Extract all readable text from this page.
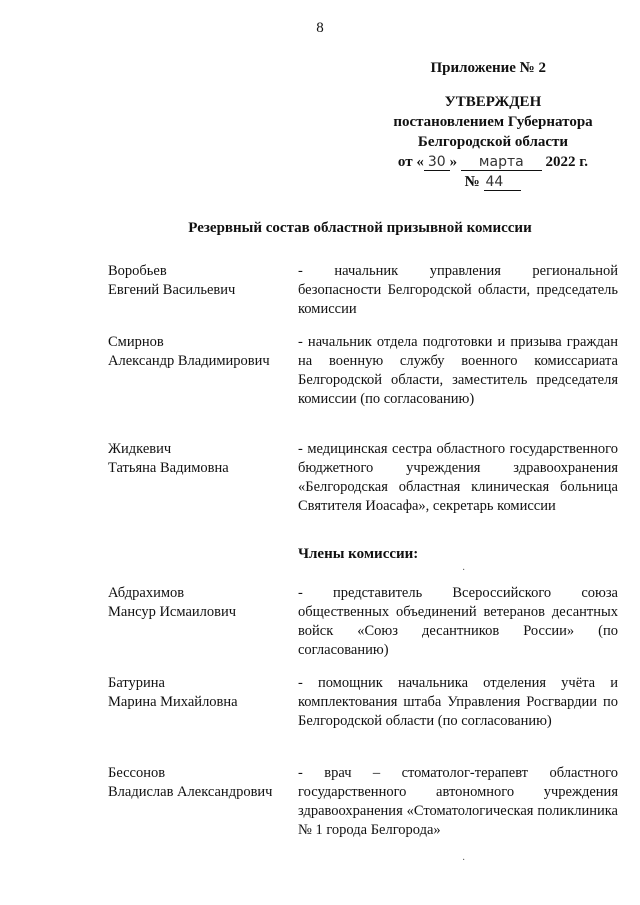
8
Приложение № 2
УТВЕРЖДЕН
постановлением Губернатора
Белгородской области
от « 30 » марта 2022 г.
№ 44
Резервный состав областной призывной комиссии
Воробьев
Евгений Васильевич
- начальник управления региональной безопасности Белгородской области, председатель комиссии
Смирнов
Александр Владимирович
- начальник отдела подготовки и призыва граждан на военную службу военного комиссариата Белгородской области, заместитель председателя комиссии (по согласованию)
Жидкевич
Татьяна Вадимовна
- медицинская сестра областного государственного бюджетного учреждения здравоохранения «Белгородская областная клиническая больница Святителя Иоасафа», секретарь комиссии
Члены комиссии:
Абдрахимов
Мансур Исмаилович
- представитель Всероссийского союза общественных объединений ветеранов десантных войск «Союз десантников России» (по согласованию)
Батурина
Марина Михайловна
- помощник начальника отделения учёта и комплектования штаба Управления Росгвардии по Белгородской области (по согласованию)
Бессонов
Владислав Александрович
- врач – стоматолог-терапевт областного государственного автономного учреждения здравоохранения «Стоматологическая поликлиника № 1 города Белгорода»
·
·
